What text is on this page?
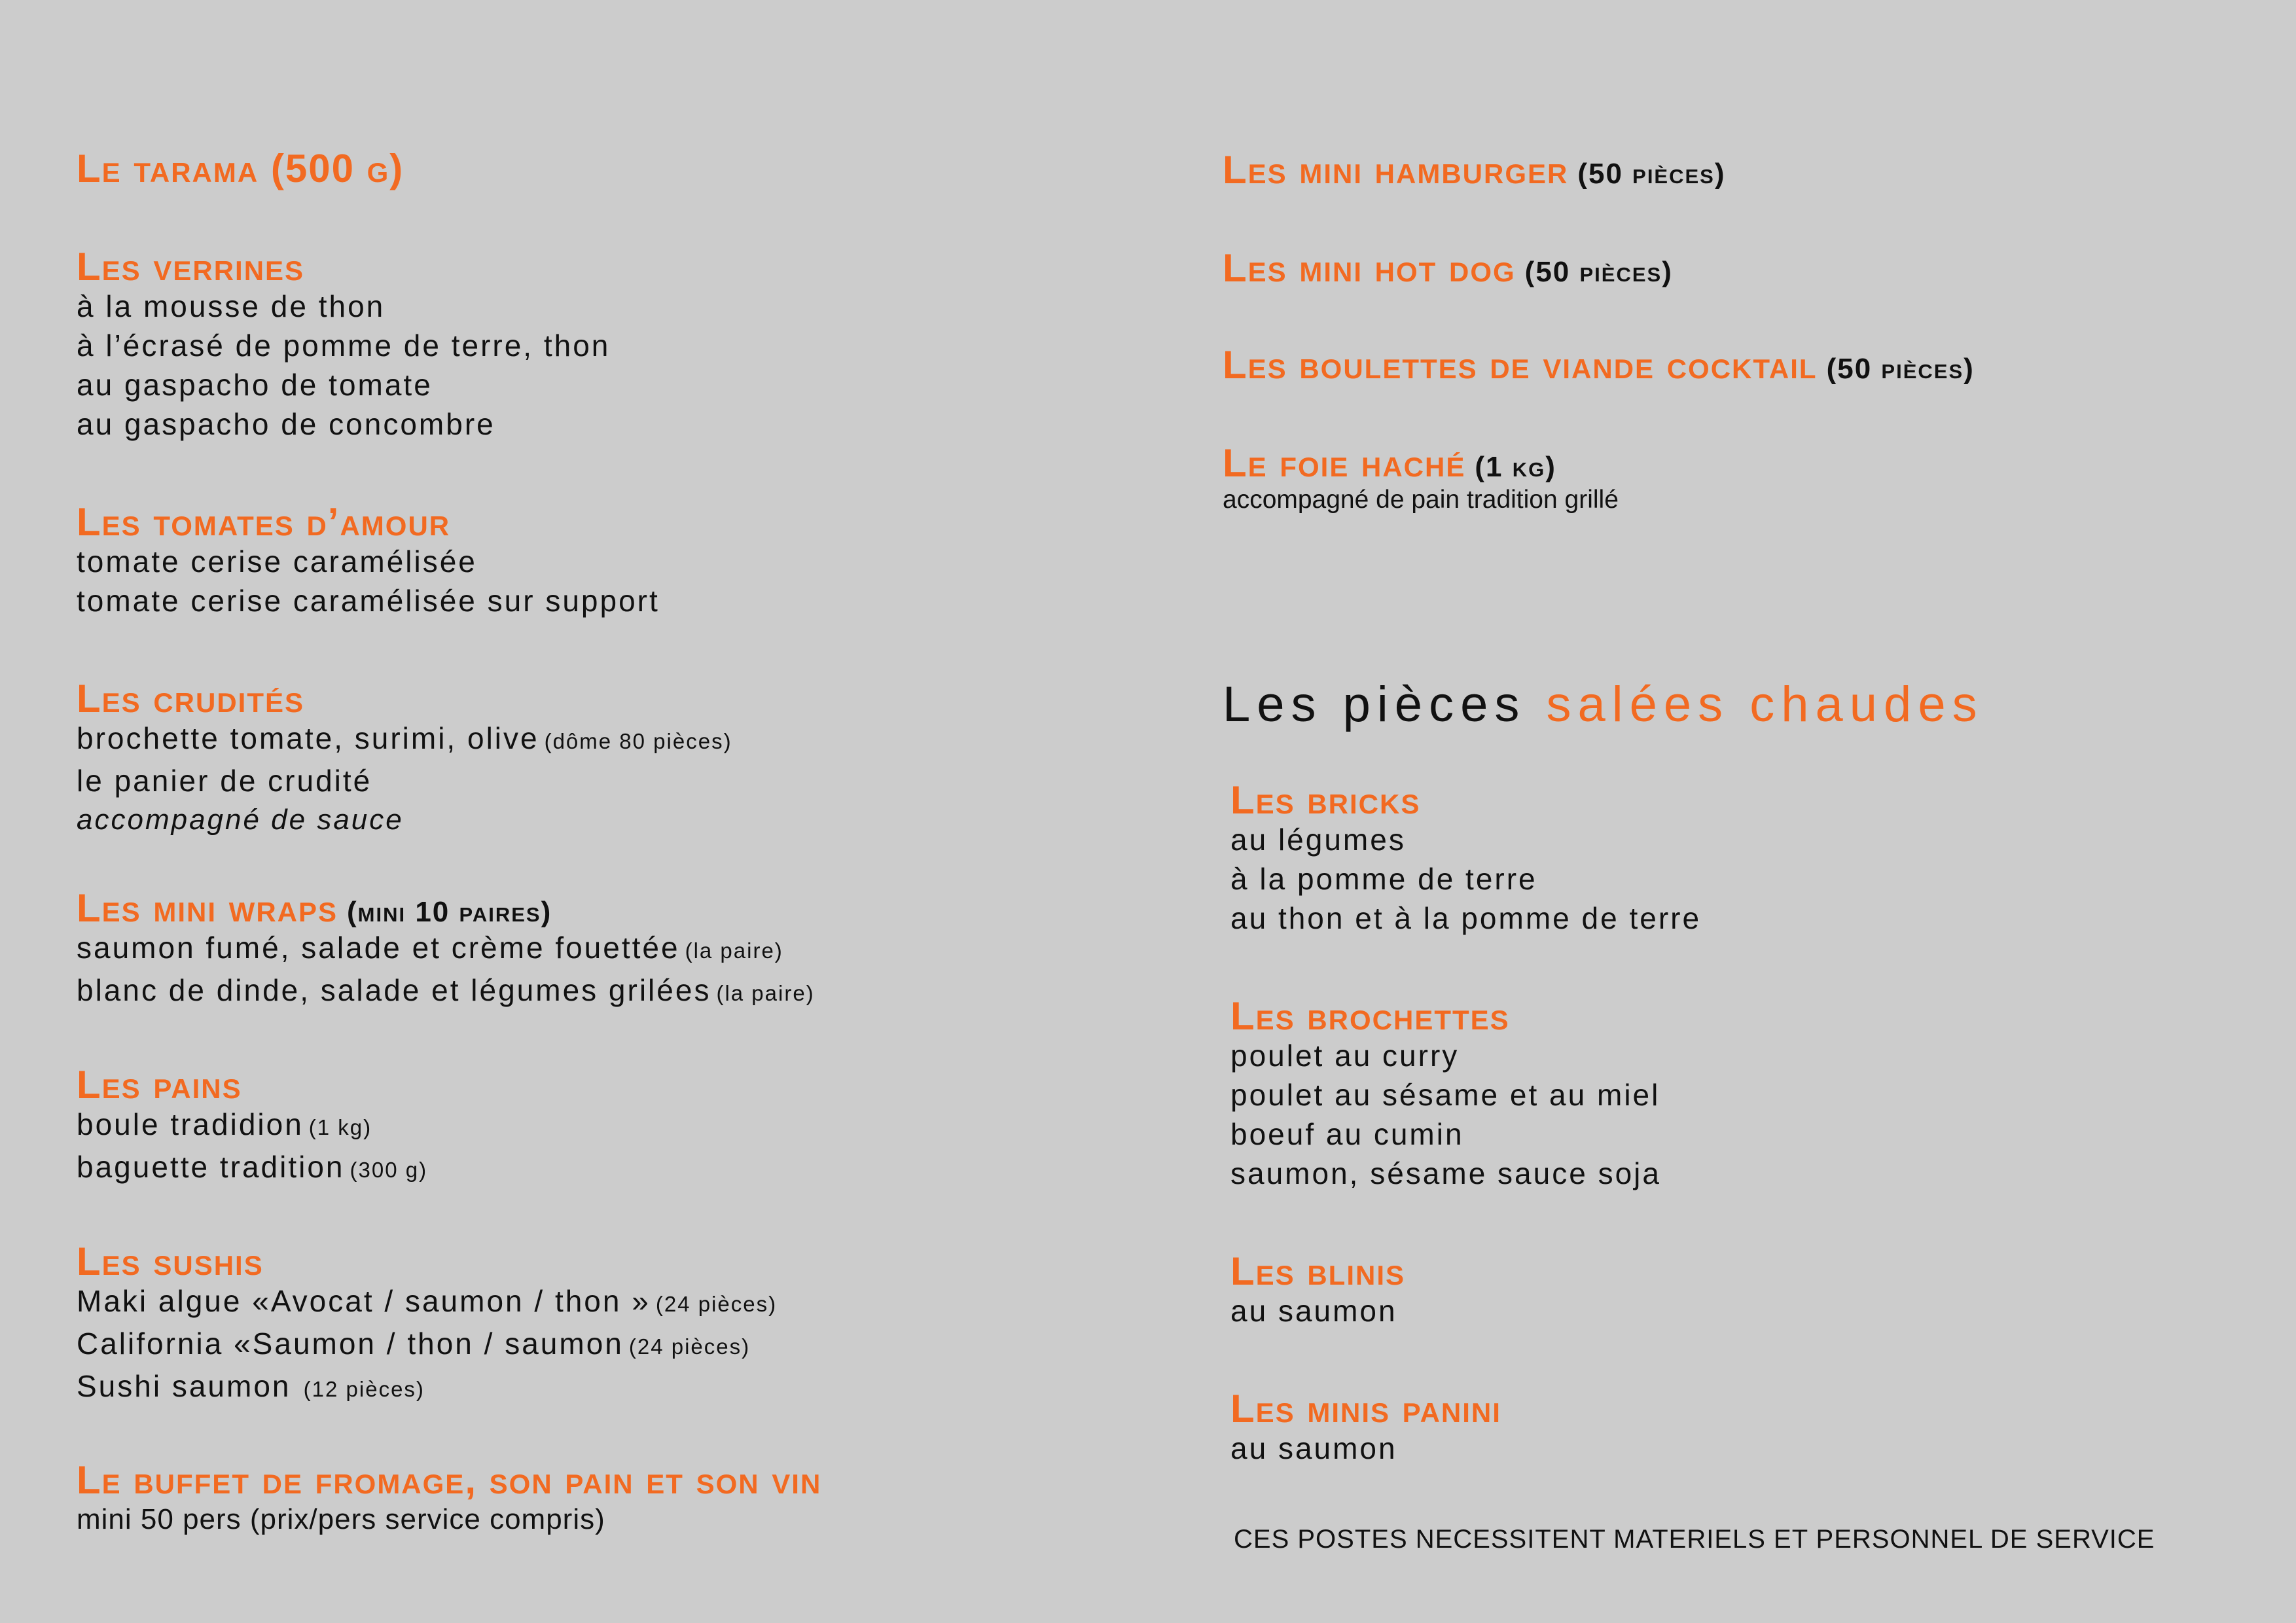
Le tarama (500 g)
Les verrines
à la mousse de thon
à l’écrasé de pomme de terre, thon
au gaspacho de tomate
au gaspacho de concombre
Les tomates d’amour
tomate cerise caramélisée
tomate cerise caramélisée sur support
Les crudités
brochette tomate, surimi, olive (dôme 80 pièces)
le panier de crudité
accompagné de sauce
Les mini wraps (mini 10 paires)
saumon fumé, salade et crème fouettée (la paire)
blanc de dinde, salade et légumes grilées (la paire)
Les pains
boule tradidion (1 kg)
baguette tradition (300 g)
Les sushis
Maki algue «Avocat / saumon / thon » (24 pièces)
California «Saumon / thon / saumon (24 pièces)
Sushi saumon (12 pièces)
Le buffet de fromage, son pain et son vin
mini 50 pers (prix/pers service compris)
Les mini hamburger (50 pièces)
Les mini hot dog (50 pièces)
Les boulettes de viande cocktail (50 pièces)
Le foie haché (1 kg)
accompagné de pain tradition grillé
Les pièces salées chaudes
Les bricks
au légumes
à la pomme de terre
au thon et à la pomme de terre
Les brochettes
poulet au curry
poulet au sésame et au miel
boeuf au cumin
saumon, sésame sauce soja
Les blinis
au saumon
Les minis panini
au saumon
CES POSTES NECESSITENT MATERIELS ET PERSONNEL DE SERVICE
